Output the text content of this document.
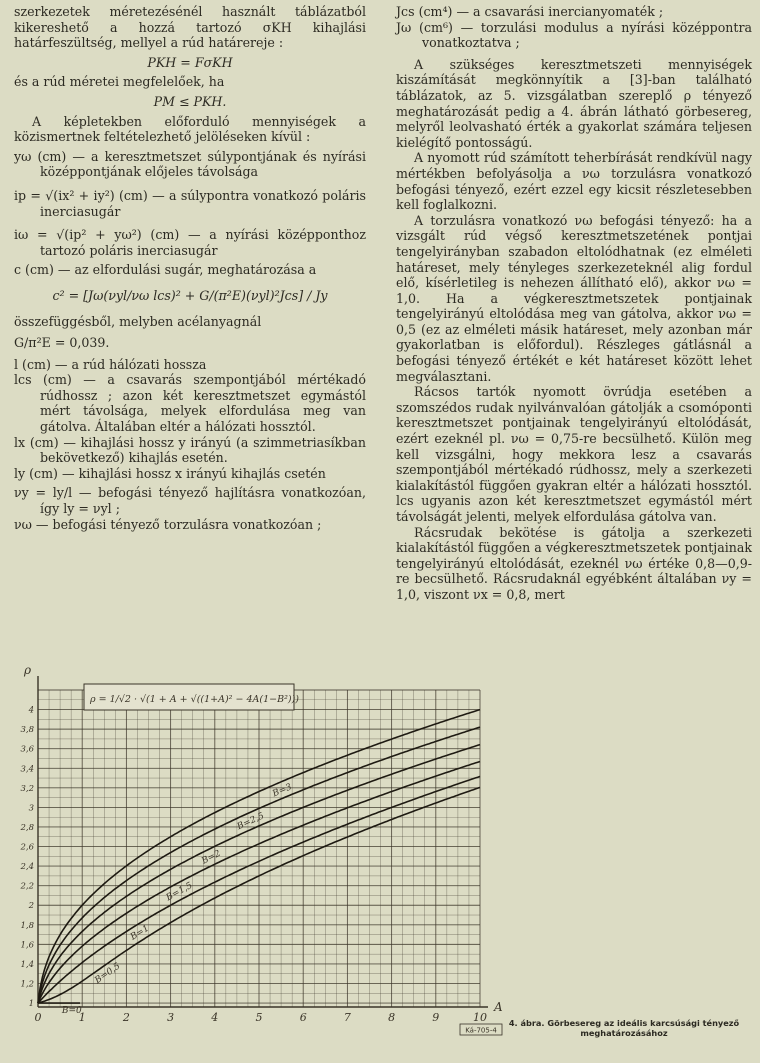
szerkezetek méretezésénél használt táblázatból kikereshető a hozzá tartozó σKH kihajlási határfeszültség, mellyel a rúd határereje :

PKH = FσKH

és a rúd méretei megfelelőek, ha

PM ≤ PKH.

A képletekben előforduló mennyiségek a közismertnek feltételezhető jelöléseken kívül :

yω (cm) — a keresztmetszet súlypontjának és nyírási középpontjának előjeles távolsága

ip = √(ix² + iy²) (cm) — a súlypontra vonatkozó poláris inerciasugár

iω = √(ip² + yω²) (cm) — a nyírási középponthoz tartozó poláris inerciasugár

c (cm) — az elfordulási sugár, meghatározása a

c² = [Jω(νyl/νω lcs)² + G/(π²E)(νyl)²Jcs] / Jy

összefüggésből, melyben acélanyagnál

G/π²E = 0,039.

l (cm) — a rúd hálózati hossza

lcs (cm) — a csavarás szempontjából mértékadó rúdhossz ; azon két keresztmetszet egymástól mért távolsága, melyek elfordulása meg van gátolva. Általában eltér a hálózati hossztól.

lx (cm) — kihajlási hossz y irányú (a szimmetriasíkban bekövetkező) kihajlás esetén.

ly (cm) — kihajlási hossz x irányú kihajlás csetén

νy = ly/l — befogási tényező hajlításra vonatkozóan, így ly = νyl ;

νω — befogási tényező torzulásra vonatkozóan ;

Jcs (cm⁴) — a csavarási inercianyomaték ;

Jω (cm⁶) — torzulási modulus a nyírási középpontra vonatkoztatva ;

A szükséges keresztmetszeti mennyiségek kiszámítását megkönnyítik a [3]-ban található táblázatok, az 5. vizsgálatban szereplő ρ tényező meghatározását pedig a 4. ábrán látható görbesereg, melyről leolvasható érték a gyakorlat számára teljesen kielégítő pontosságú.

A nyomott rúd számított teherbírását rendkívül nagy mértékben befolyásolja a νω torzulásra vonatkozó befogási tényező, ezért ezzel egy kicsit részletesebben kell foglalkozni.

A torzulásra vonatkozó νω befogási tényező: ha a vizsgált rúd végső keresztmetszetének pontjai tengelyirányban szabadon eltolódhatnak (ez elméleti határeset, mely tényleges szerkezeteknél alig fordul elő, kísérletileg is nehezen állítható elő), akkor νω = 1,0. Ha a végkeresztmetszetek pontjainak tengelyirányú eltolódása meg van gátolva, akkor νω = 0,5 (ez az elméleti másik határeset, mely azonban már gyakorlatban is előfordul). Részleges gátlásnál a befogási tényező értékét e két határeset között lehet megválasztani.

Rácsos tartók nyomott övrúdja esetében a szomszédos rudak nyilvánvalóan gátolják a csomóponti keresztmetszet pontjainak tengelyirányú eltolódását, ezért ezeknél pl. νω = 0,75-re becsülhető. Külön meg kell vizsgálni, hogy mekkora lesz a csavarás szempontjából mértékadó rúdhossz, mely a szerkezeti kialakítástól függően gyakran eltér a hálózati hossztól. lcs ugyanis azon két keresztmetszet egymástól mért távolságát jelenti, melyek elfordulása gátolva van.

Rácsrudak bekötése is gátolja a szerkezeti kialakítástól függően a végkeresztmetszetek pontjainak tengelyirányú eltolódását, ezeknél νω értéke 0,8—0,9-re becsülhető. Rácsrudaknál egyébként általában νy = 1,0, viszont νx = 0,8, mert

0	1	2	3	4	5	6	7	8	9	10
1
1,2
1,4
1,6
1,8
2
2,2
2,4
2,6
2,8
3
3,2
3,4
3,6
3,8
4
ρ
A
ρ = 1/√2 · √(1 + A + √((1+A)² − 4A(1−B²)))
B=0
B=0,5
B=1
B=1,5
B=2
B=2,5
B=3
Ká-705-4
4. ábra. Görbesereg az ideális karcsúsági tényező meghatározásához
